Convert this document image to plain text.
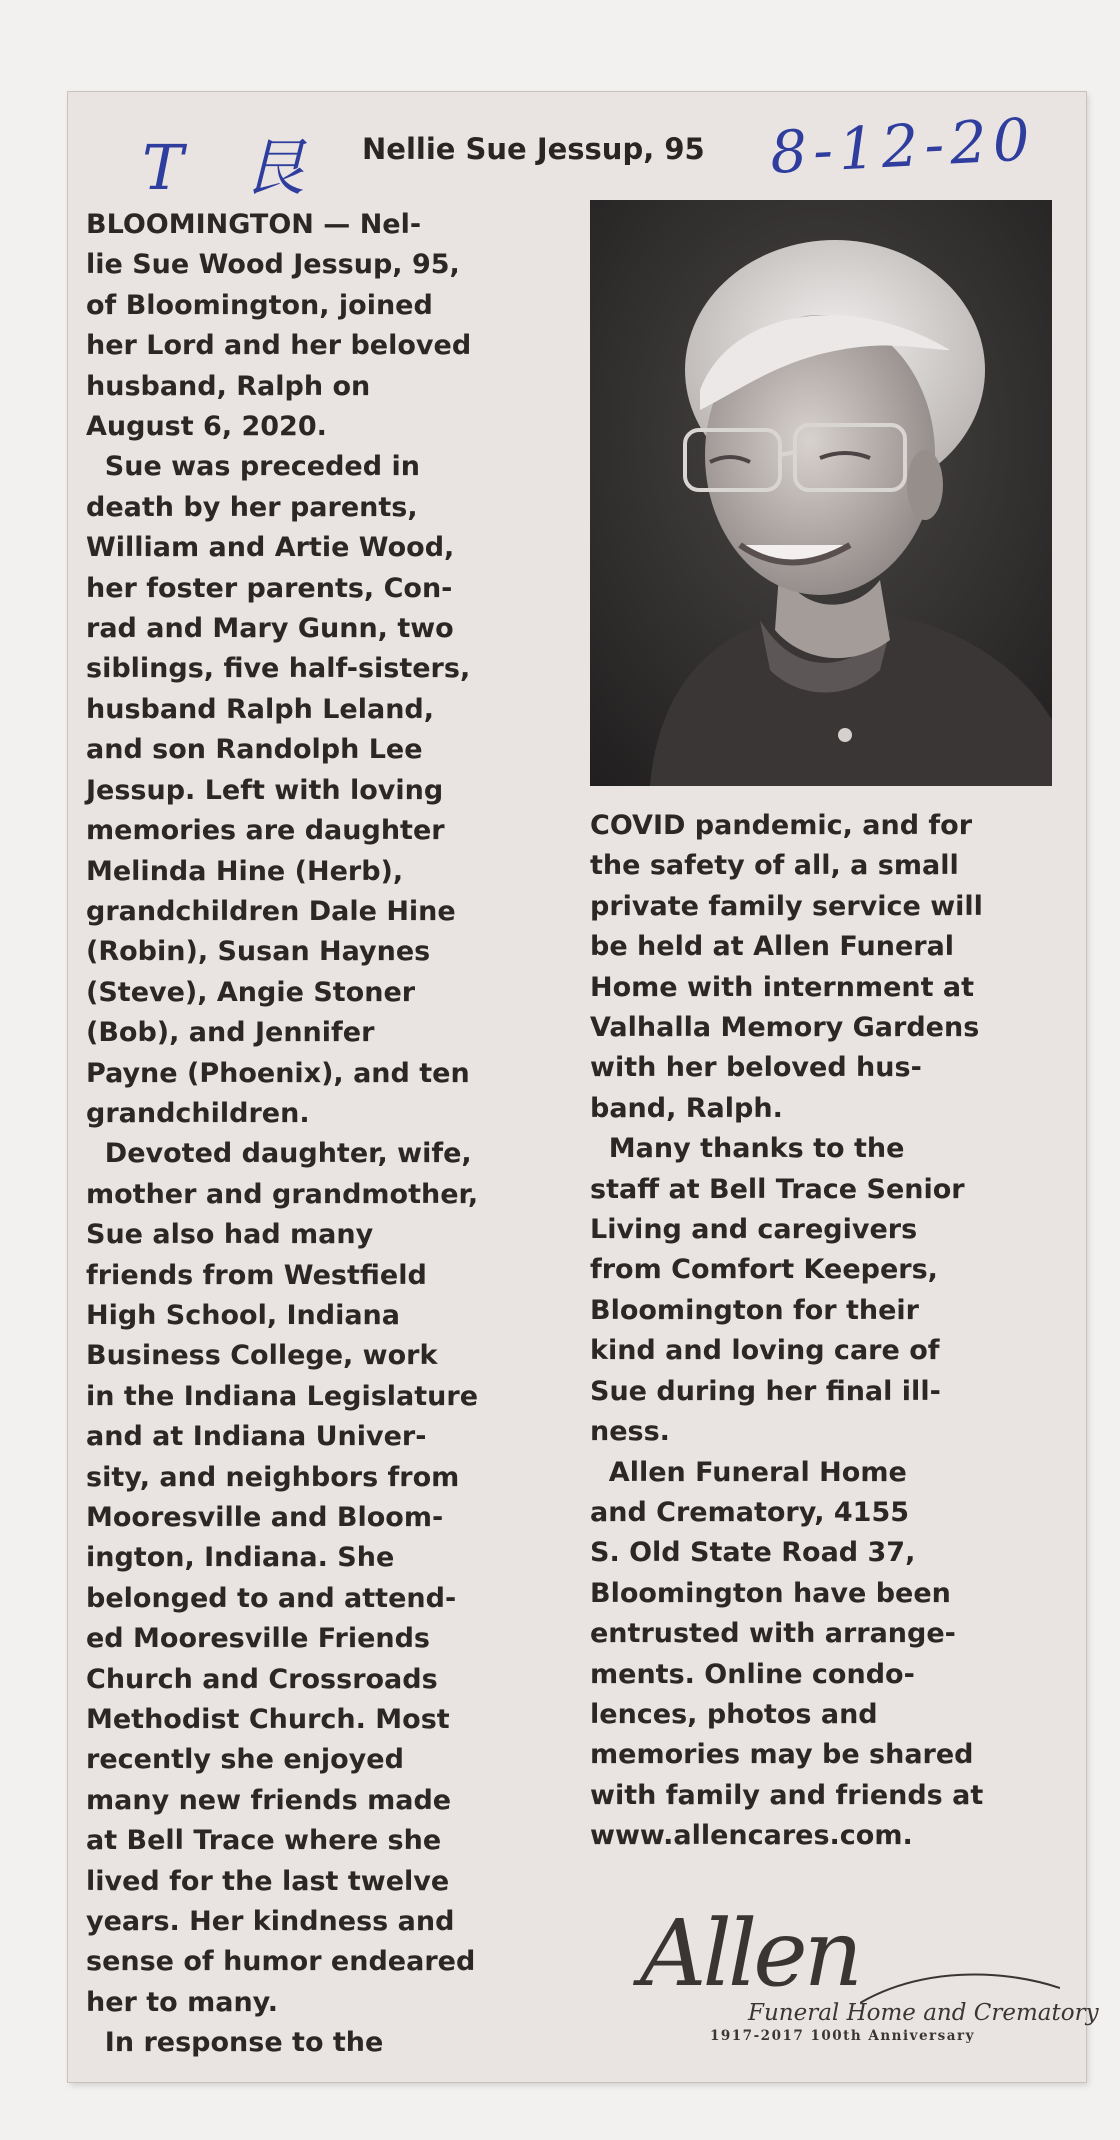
T 艮	8-12-20
Nellie Sue Jessup, 95

BLOOMINGTON — Nel-

lie Sue Wood Jessup, 95,

of Bloomington, joined

her Lord and her beloved

husband, Ralph on

August 6, 2020.

Sue was preceded in

death by her parents,

William and Artie Wood,

her foster parents, Con-

rad and Mary Gunn, two

siblings, five half-sisters,

husband Ralph Leland,

and son Randolph Lee

Jessup. Left with loving

memories are daughter

Melinda Hine (Herb),

grandchildren Dale Hine

(Robin), Susan Haynes

(Steve), Angie Stoner

(Bob), and Jennifer

Payne (Phoenix), and ten

grandchildren.

Devoted daughter, wife,

mother and grandmother,

Sue also had many

friends from Westfield

High School, Indiana

Business College, work

in the Indiana Legislature

and at Indiana Univer-

sity, and neighbors from

Mooresville and Bloom-

ington, Indiana. She

belonged to and attend-

ed Mooresville Friends

Church and Crossroads

Methodist Church. Most

recently she enjoyed

many new friends made

at Bell Trace where she

lived for the last twelve

years. Her kindness and

sense of humor endeared

her to many.

In response to the

COVID pandemic, and for

the safety of all, a small

private family service will

be held at Allen Funeral

Home with internment at

Valhalla Memory Gardens

with her beloved hus-

band, Ralph.

Many thanks to the

staff at Bell Trace Senior

Living and caregivers

from Comfort Keepers,

Bloomington for their

kind and loving care of

Sue during her final ill-

ness.

Allen Funeral Home

and Crematory, 4155

S. Old State Road 37,

Bloomington have been

entrusted with arrange-

ments. Online condo-

lences, photos and

memories may be shared

with family and friends at

www.allencares.com.

Allen
Funeral Home and Crematory
1917-2017 100th Anniversary
